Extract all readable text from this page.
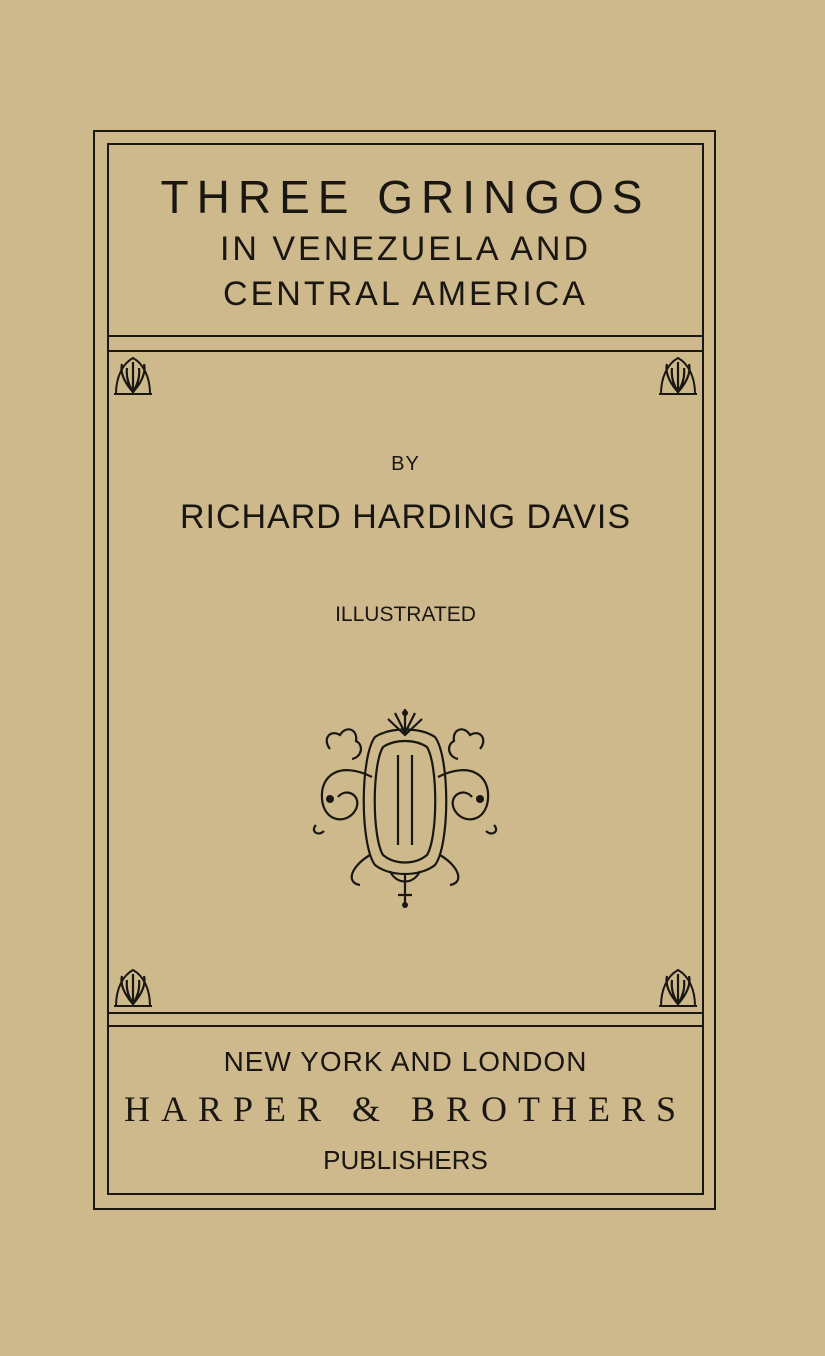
THREE GRINGOS
IN VENEZUELA AND
CENTRAL AMERICA
BY
RICHARD HARDING DAVIS
ILLUSTRATED
NEW YORK AND LONDON
HARPER & BROTHERS
PUBLISHERS
